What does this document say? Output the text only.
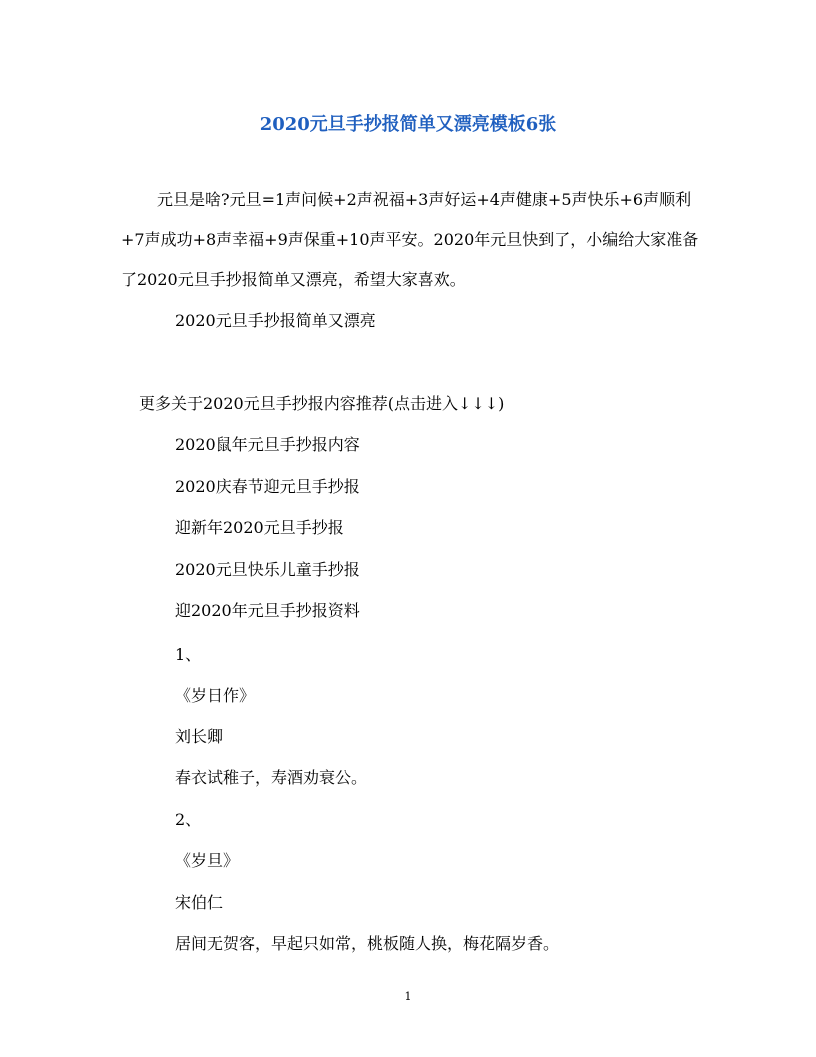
2020元旦手抄报简单又漂亮模板6张

元旦是啥?元旦=1声问候+2声祝福+3声好运+4声健康+5声快乐+6声顺利+7声成功+8声幸福+9声保重+10声平安。2020年元旦快到了，小编给大家准备了2020元旦手抄报简单又漂亮，希望大家喜欢。

2020元旦手抄报简单又漂亮

更多关于2020元旦手抄报内容推荐(点击进入↓↓↓)

2020鼠年元旦手抄报内容

2020庆春节迎元旦手抄报

迎新年2020元旦手抄报

2020元旦快乐儿童手抄报

迎2020年元旦手抄报资料

1、

《岁日作》

刘长卿

春衣试稚子，寿酒劝衰公。

2、

《岁旦》

宋伯仁

居间无贺客，早起只如常，桃板随人换，梅花隔岁香。

1
